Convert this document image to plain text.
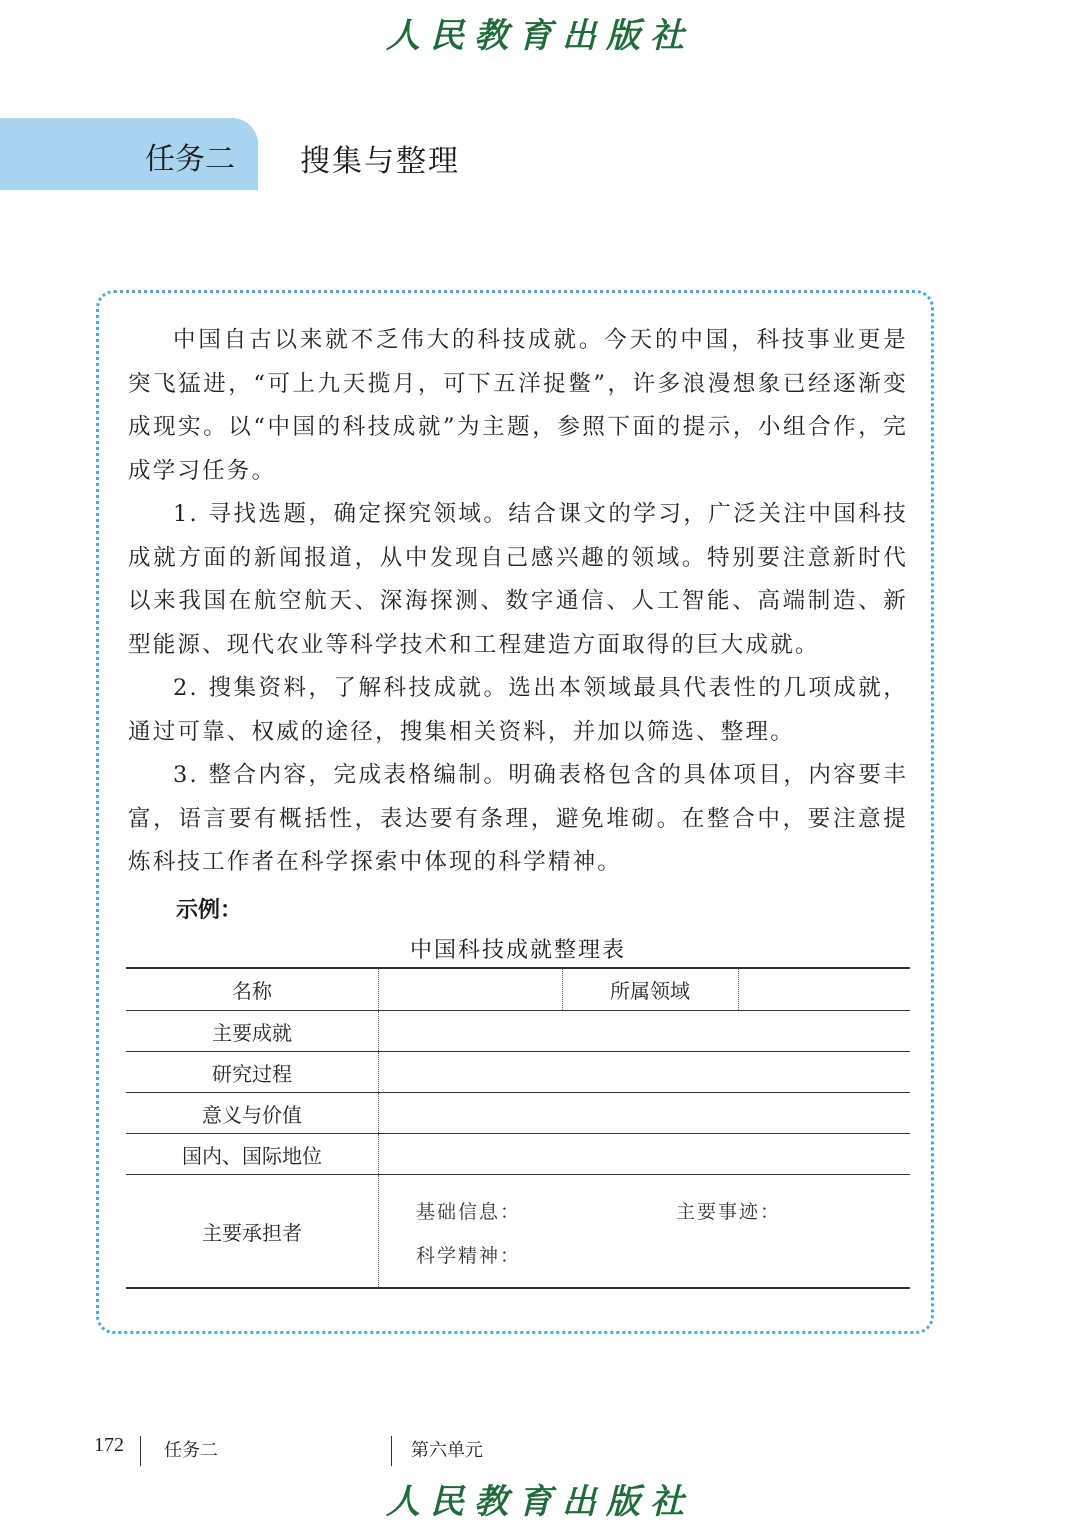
人民教育出版社
任务二 搜集与整理

中国自古以来就不乏伟大的科技成就。今天的中国，科技事业更是突飞猛进，“可上九天揽月，可下五洋捉鳖”，许多浪漫想象已经逐渐变成现实。以“中国的科技成就”为主题，参照下面的提示，小组合作，完成学习任务。

1. 寻找选题，确定探究领域。结合课文的学习，广泛关注中国科技成就方面的新闻报道，从中发现自己感兴趣的领域。特别要注意新时代以来我国在航空航天、深海探测、数字通信、人工智能、高端制造、新型能源、现代农业等科学技术和工程建造方面取得的巨大成就。

2. 搜集资料，了解科技成就。选出本领域最具代表性的几项成就，通过可靠、权威的途径，搜集相关资料，并加以筛选、整理。

3. 整合内容，完成表格编制。明确表格包含的具体项目，内容要丰富，语言要有概括性，表达要有条理，避免堆砌。在整合中，要注意提炼科技工作者在科学探索中体现的科学精神。

示例：
中国科技成就整理表
名称	所属领域
主要成就
研究过程
意义与价值
国内、国际地位
主要承担者
基础信息：	主要事迹：
科学精神：
172 任务二	第六单元
人民教育出版社
